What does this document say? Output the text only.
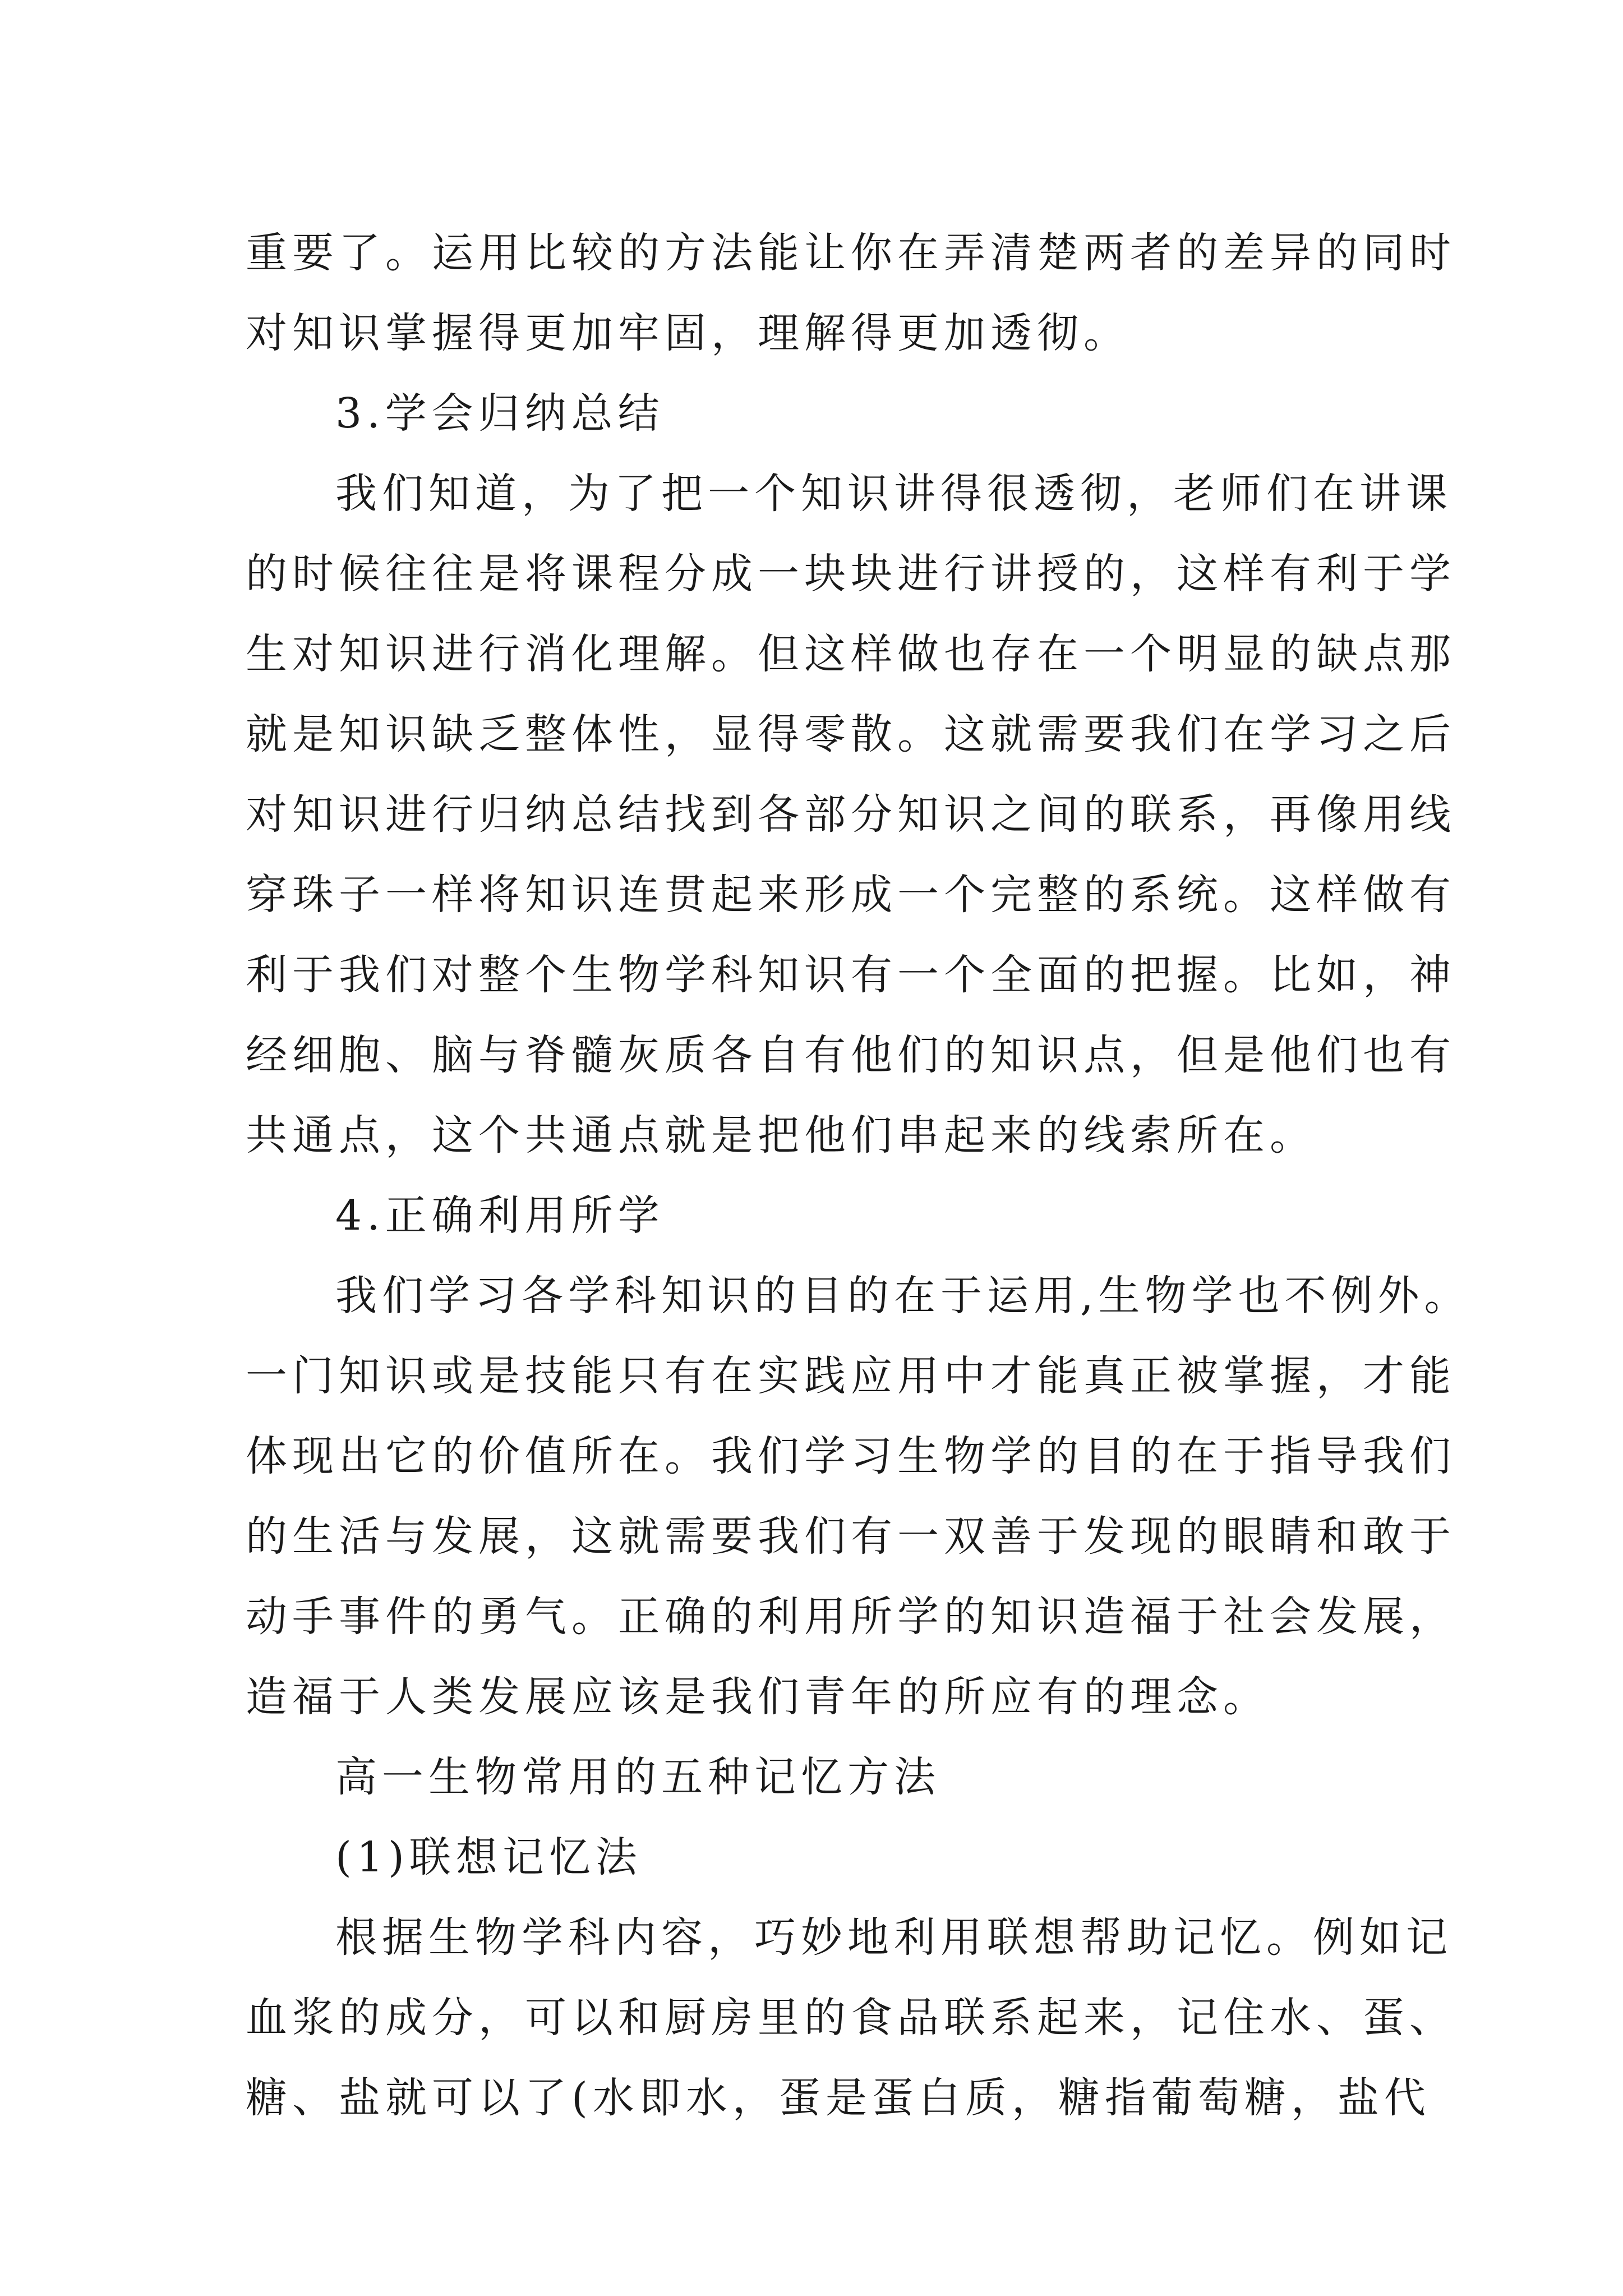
重要了。运用比较的方法能让你在弄清楚两者的差异的同时
对知识掌握得更加牢固，理解得更加透彻。
3.学会归纳总结
我们知道，为了把一个知识讲得很透彻，老师们在讲课
的时候往往是将课程分成一块块进行讲授的，这样有利于学
生对知识进行消化理解。但这样做也存在一个明显的缺点那
就是知识缺乏整体性，显得零散。这就需要我们在学习之后
对知识进行归纳总结找到各部分知识之间的联系，再像用线
穿珠子一样将知识连贯起来形成一个完整的系统。这样做有
利于我们对整个生物学科知识有一个全面的把握。比如，神
经细胞、脑与脊髓灰质各自有他们的知识点，但是他们也有
共通点，这个共通点就是把他们串起来的线索所在。
4.正确利用所学
我们学习各学科知识的目的在于运用,生物学也不例外。
一门知识或是技能只有在实践应用中才能真正被掌握，才能
体现出它的价值所在。我们学习生物学的目的在于指导我们
的生活与发展，这就需要我们有一双善于发现的眼睛和敢于
动手事件的勇气。正确的利用所学的知识造福于社会发展，
造福于人类发展应该是我们青年的所应有的理念。
高一生物常用的五种记忆方法
(1)联想记忆法
根据生物学科内容，巧妙地利用联想帮助记忆。例如记
血浆的成分，可以和厨房里的食品联系起来，记住水、蛋、
糖、盐就可以了(水即水，蛋是蛋白质，糖指葡萄糖，盐代
